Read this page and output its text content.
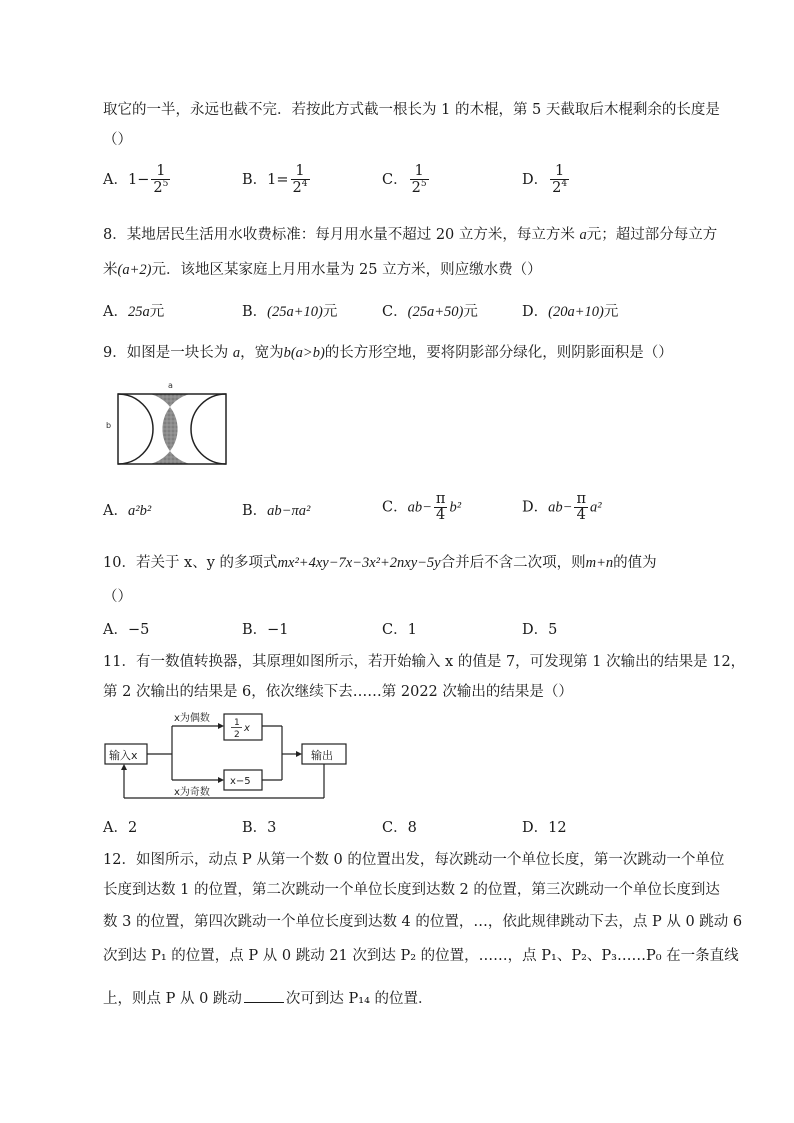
取它的一半，永远也截不完．若按此方式截一根长为 1 的木棍，第 5 天截取后木棍剩余的长度是
（）
A．$1- \frac{1}{2^5}$	B．$1= \frac{1}{2^4}$	C． $\frac{1}{2^5}$	D． $\frac{1}{2^4}$
8．某地居民生活用水收费标准：每月用水量不超过 20 立方米，每立方米 a元；超过部分每立方
米(a+2)元．该地区某家庭上月用水量为 25 立方米，则应缴水费（）
A．25a元	B．(25a+10)元	C．(25a+50)元	D．(20a+10)元
9．如图是一块长为 a，宽为b(a>b)的长方形空地，要将阴影部分绿化，则阴影面积是（）
a
b
A．a²b²	B．ab−πa²	C．$ab- \frac{\pi}{4} b^2$	D．$ab- \frac{\pi}{4} a^2$
10．若关于 x、y 的多项式mx²+4xy−7x−3x²+2nxy−5y合并后不含二次项，则m+n的值为
（）
A．−5	B．−1	C．1	D．5
11．有一数值转换器，其原理如图所示，若开始输入 x 的值是 7，可发现第 1 次输出的结果是 12，
第 2 次输出的结果是 6，依次继续下去……第 2022 次输出的结果是（）
输入x
x为偶数	1
2
x
x−5
输出
x为奇数
A．2	B．3	C．8	D．12
12．如图所示，动点 P 从第一个数 0 的位置出发，每次跳动一个单位长度，第一次跳动一个单位
长度到达数 1 的位置，第二次跳动一个单位长度到达数 2 的位置，第三次跳动一个单位长度到达
数 3 的位置，第四次跳动一个单位长度到达数 4 的位置，…，依此规律跳动下去，点 P 从 0 跳动 6
次到达 P₁ 的位置，点 P 从 0 跳动 21 次到达 P₂ 的位置，……，点 P₁、P₂、P₃……P₀ 在一条直线
上，则点 P 从 0 跳动	次可到达 P₁₄ 的位置．
